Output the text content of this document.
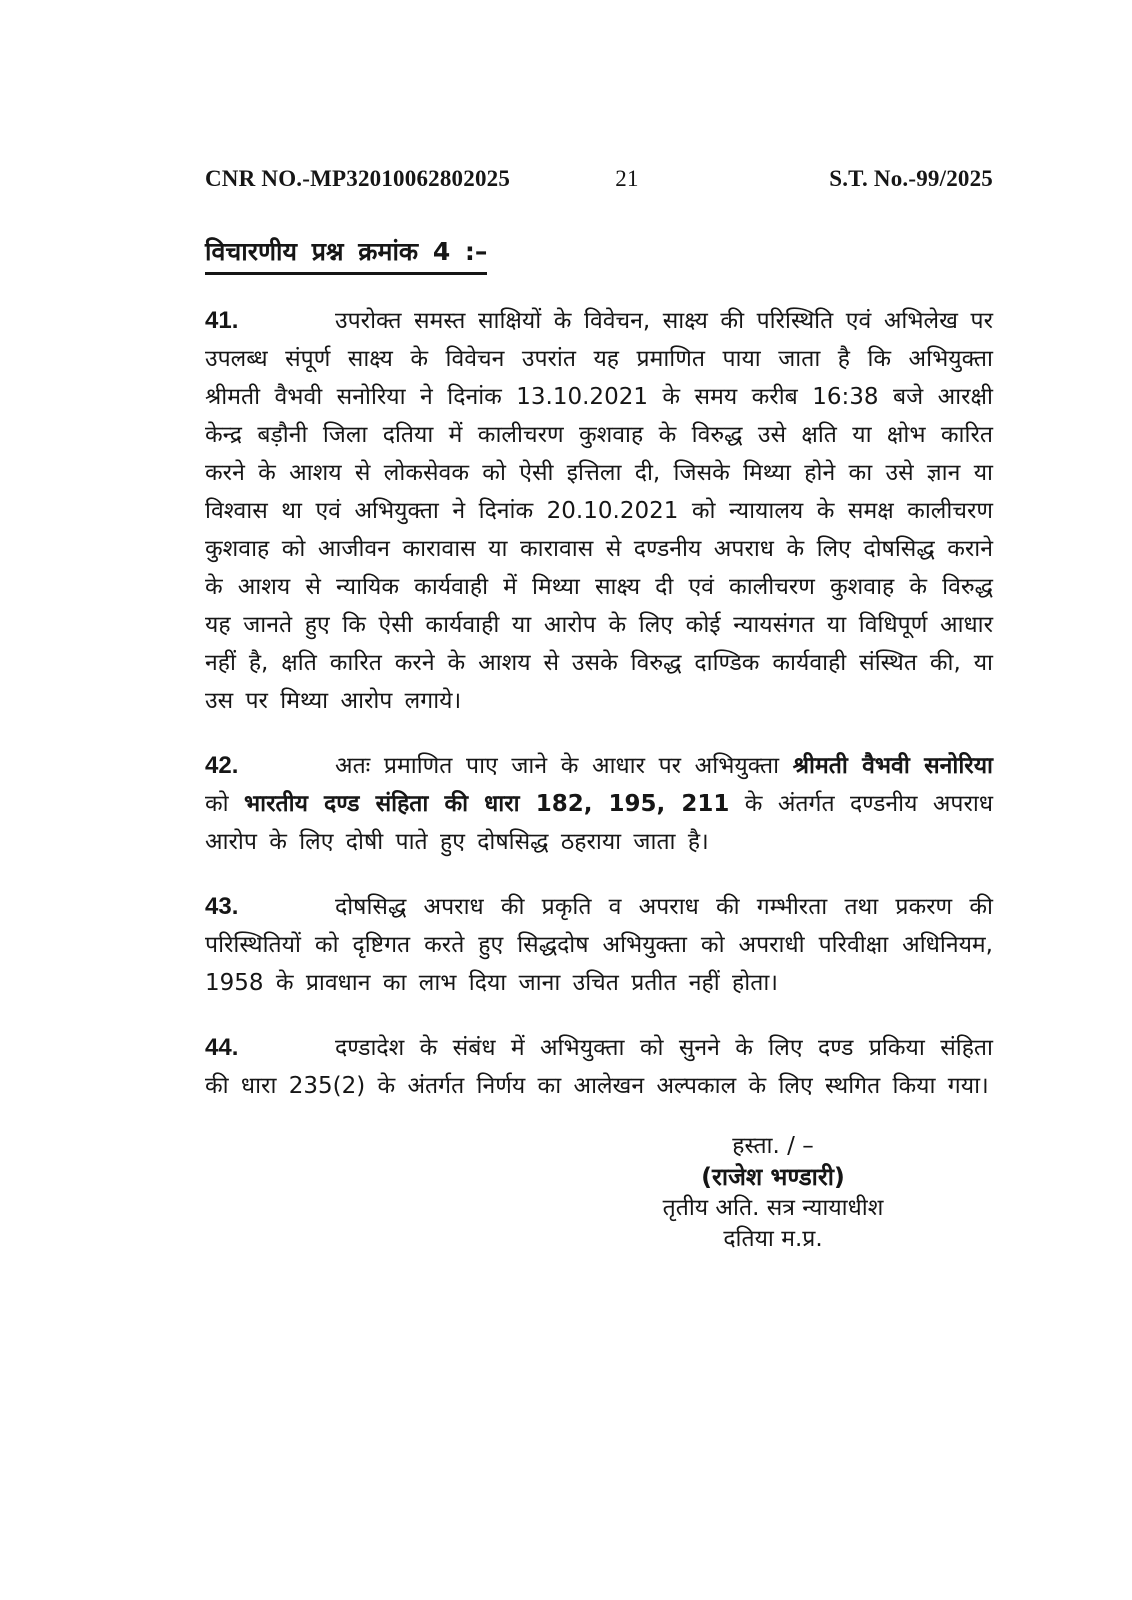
CNR NO.-MP32010062802025	21	S.T. No.-99/2025
विचारणीय प्रश्न क्रमांक 4 :–
41.	उपरोक्त समस्त साक्षियों के विवेचन, साक्ष्य की परिस्थिति एवं अभिलेख पर उपलब्ध संपूर्ण साक्ष्य के विवेचन उपरांत यह प्रमाणित पाया जाता है कि अभियुक्ता श्रीमती वैभवी सनोरिया ने दिनांक 13.10.2021 के समय करीब 16:38 बजे आरक्षी केन्द्र बड़ौनी जिला दतिया में कालीचरण कुशवाह के विरुद्ध उसे क्षति या क्षोभ कारित करने के आशय से लोकसेवक को ऐसी इत्तिला दी, जिसके मिथ्या होने का उसे ज्ञान या विश्वास था एवं अभियुक्ता ने दिनांक 20.10.2021 को न्यायालय के समक्ष कालीचरण कुशवाह को आजीवन कारावास या कारावास से दण्डनीय अपराध के लिए दोषसिद्ध कराने के आशय से न्यायिक कार्यवाही में मिथ्या साक्ष्य दी एवं कालीचरण कुशवाह के विरुद्ध यह जानते हुए कि ऐसी कार्यवाही या आरोप के लिए कोई न्यायसंगत या विधिपूर्ण आधार नहीं है, क्षति कारित करने के आशय से उसके विरुद्ध दाण्डिक कार्यवाही संस्थित की, या उस पर मिथ्या आरोप लगाये।
42.	अतः प्रमाणित पाए जाने के आधार पर अभियुक्ता श्रीमती वैभवी सनोरिया को भारतीय दण्ड संहिता की धारा 182, 195, 211 के अंतर्गत दण्डनीय अपराध आरोप के लिए दोषी पाते हुए दोषसिद्ध ठहराया जाता है।
43.	दोषसिद्ध अपराध की प्रकृति व अपराध की गम्भीरता तथा प्रकरण की परिस्थितियों को दृष्टिगत करते हुए सिद्धदोष अभियुक्ता को अपराधी परिवीक्षा अधिनियम, 1958 के प्रावधान का लाभ दिया जाना उचित प्रतीत नहीं होता।
44.	दण्डादेश के संबंध में अभियुक्ता को सुनने के लिए दण्ड प्रकिया संहिता की धारा 235(2) के अंतर्गत निर्णय का आलेखन अल्पकाल के लिए स्थगित किया गया।
हस्ता. / –
(राजेश भण्डारी)
तृतीय अति. सत्र न्यायाधीश
दतिया म.प्र.
